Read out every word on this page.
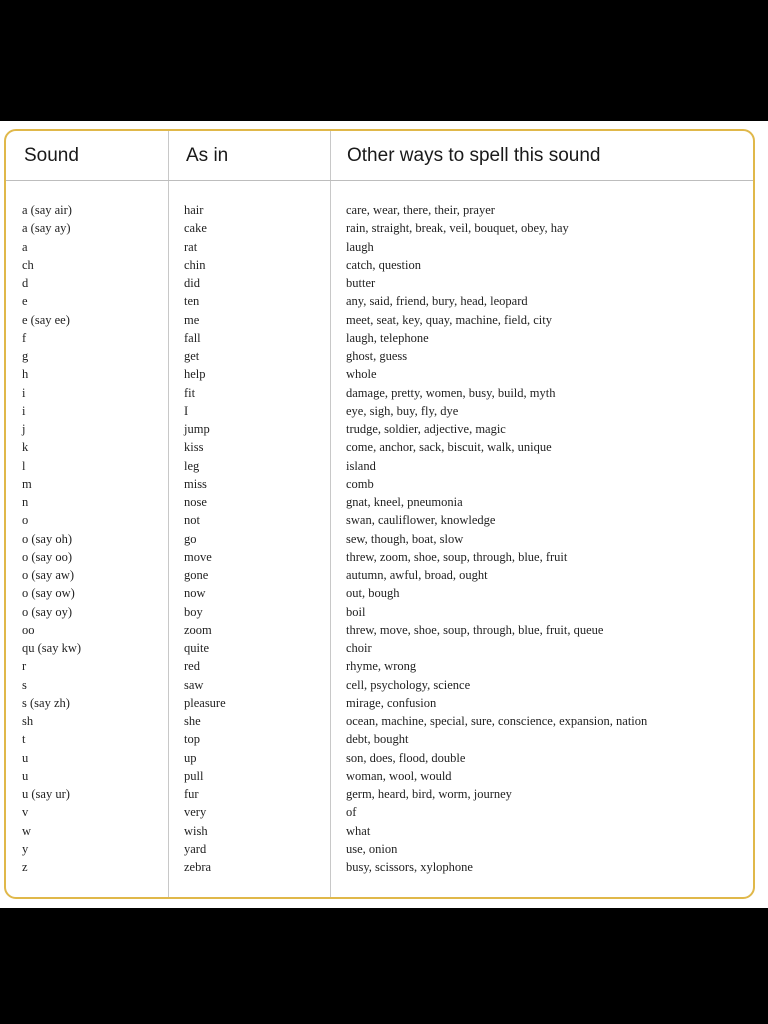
Sound	As in	Other ways to spell this sound
a (say air)	hair	care, wear, there, their, prayer
a (say ay)	cake	rain, straight, break, veil, bouquet, obey, hay
a	rat	laugh
ch	chin	catch, question
d	did	butter
e	ten	any, said, friend, bury, head, leopard
e (say ee)	me	meet, seat, key, quay, machine, field, city
f	fall	laugh, telephone
g	get	ghost, guess
h	help	whole
i	fit	damage, pretty, women, busy, build, myth
i	I	eye, sigh, buy, fly, dye
j	jump	trudge, soldier, adjective, magic
k	kiss	come, anchor, sack, biscuit, walk, unique
l	leg	island
m	miss	comb
n	nose	gnat, kneel, pneumonia
o	not	swan, cauliflower, knowledge
o (say oh)	go	sew, though, boat, slow
o (say oo)	move	threw, zoom, shoe, soup, through, blue, fruit
o (say aw)	gone	autumn, awful, broad, ought
o (say ow)	now	out, bough
o (say oy)	boy	boil
oo	zoom	threw, move, shoe, soup, through, blue, fruit, queue
qu (say kw)	quite	choir
r	red	rhyme, wrong
s	saw	cell, psychology, science
s (say zh)	pleasure	mirage, confusion
sh	she	ocean, machine, special, sure, conscience, expansion, nation
t	top	debt, bought
u	up	son, does, flood, double
u	pull	woman, wool, would
u (say ur)	fur	germ, heard, bird, worm, journey
v	very	of
w	wish	what
y	yard	use, onion
z	zebra	busy, scissors, xylophone
